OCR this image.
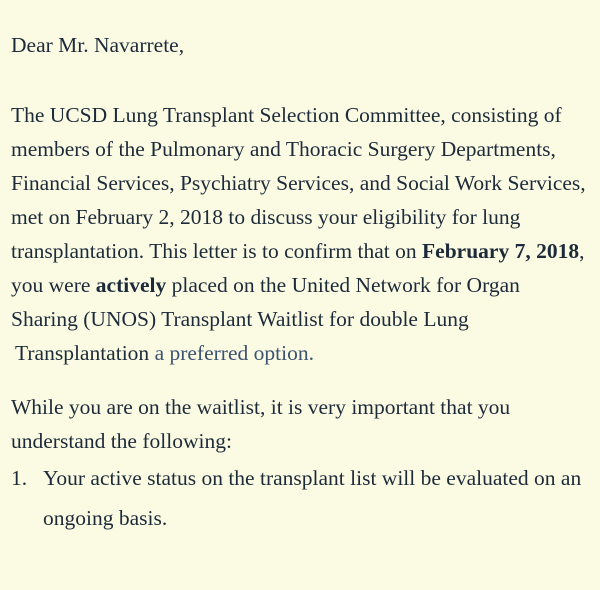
Dear Mr. Navarrete,

The UCSD Lung Transplant Selection Committee, consisting of members of the Pulmonary and Thoracic Surgery Departments, Financial Services, Psychiatry Services, and Social Work Services, met on February 2, 2018 to discuss your eligibility for lung transplantation. This letter is to confirm that on February 7, 2018, you were actively placed on the United Network for Organ Sharing (UNOS) Transplant Waitlist for double Lung
Transplantation a preferred option.

While you are on the waitlist, it is very important that you understand the following:

1. Your active status on the transplant list will be evaluated on an ongoing basis.
